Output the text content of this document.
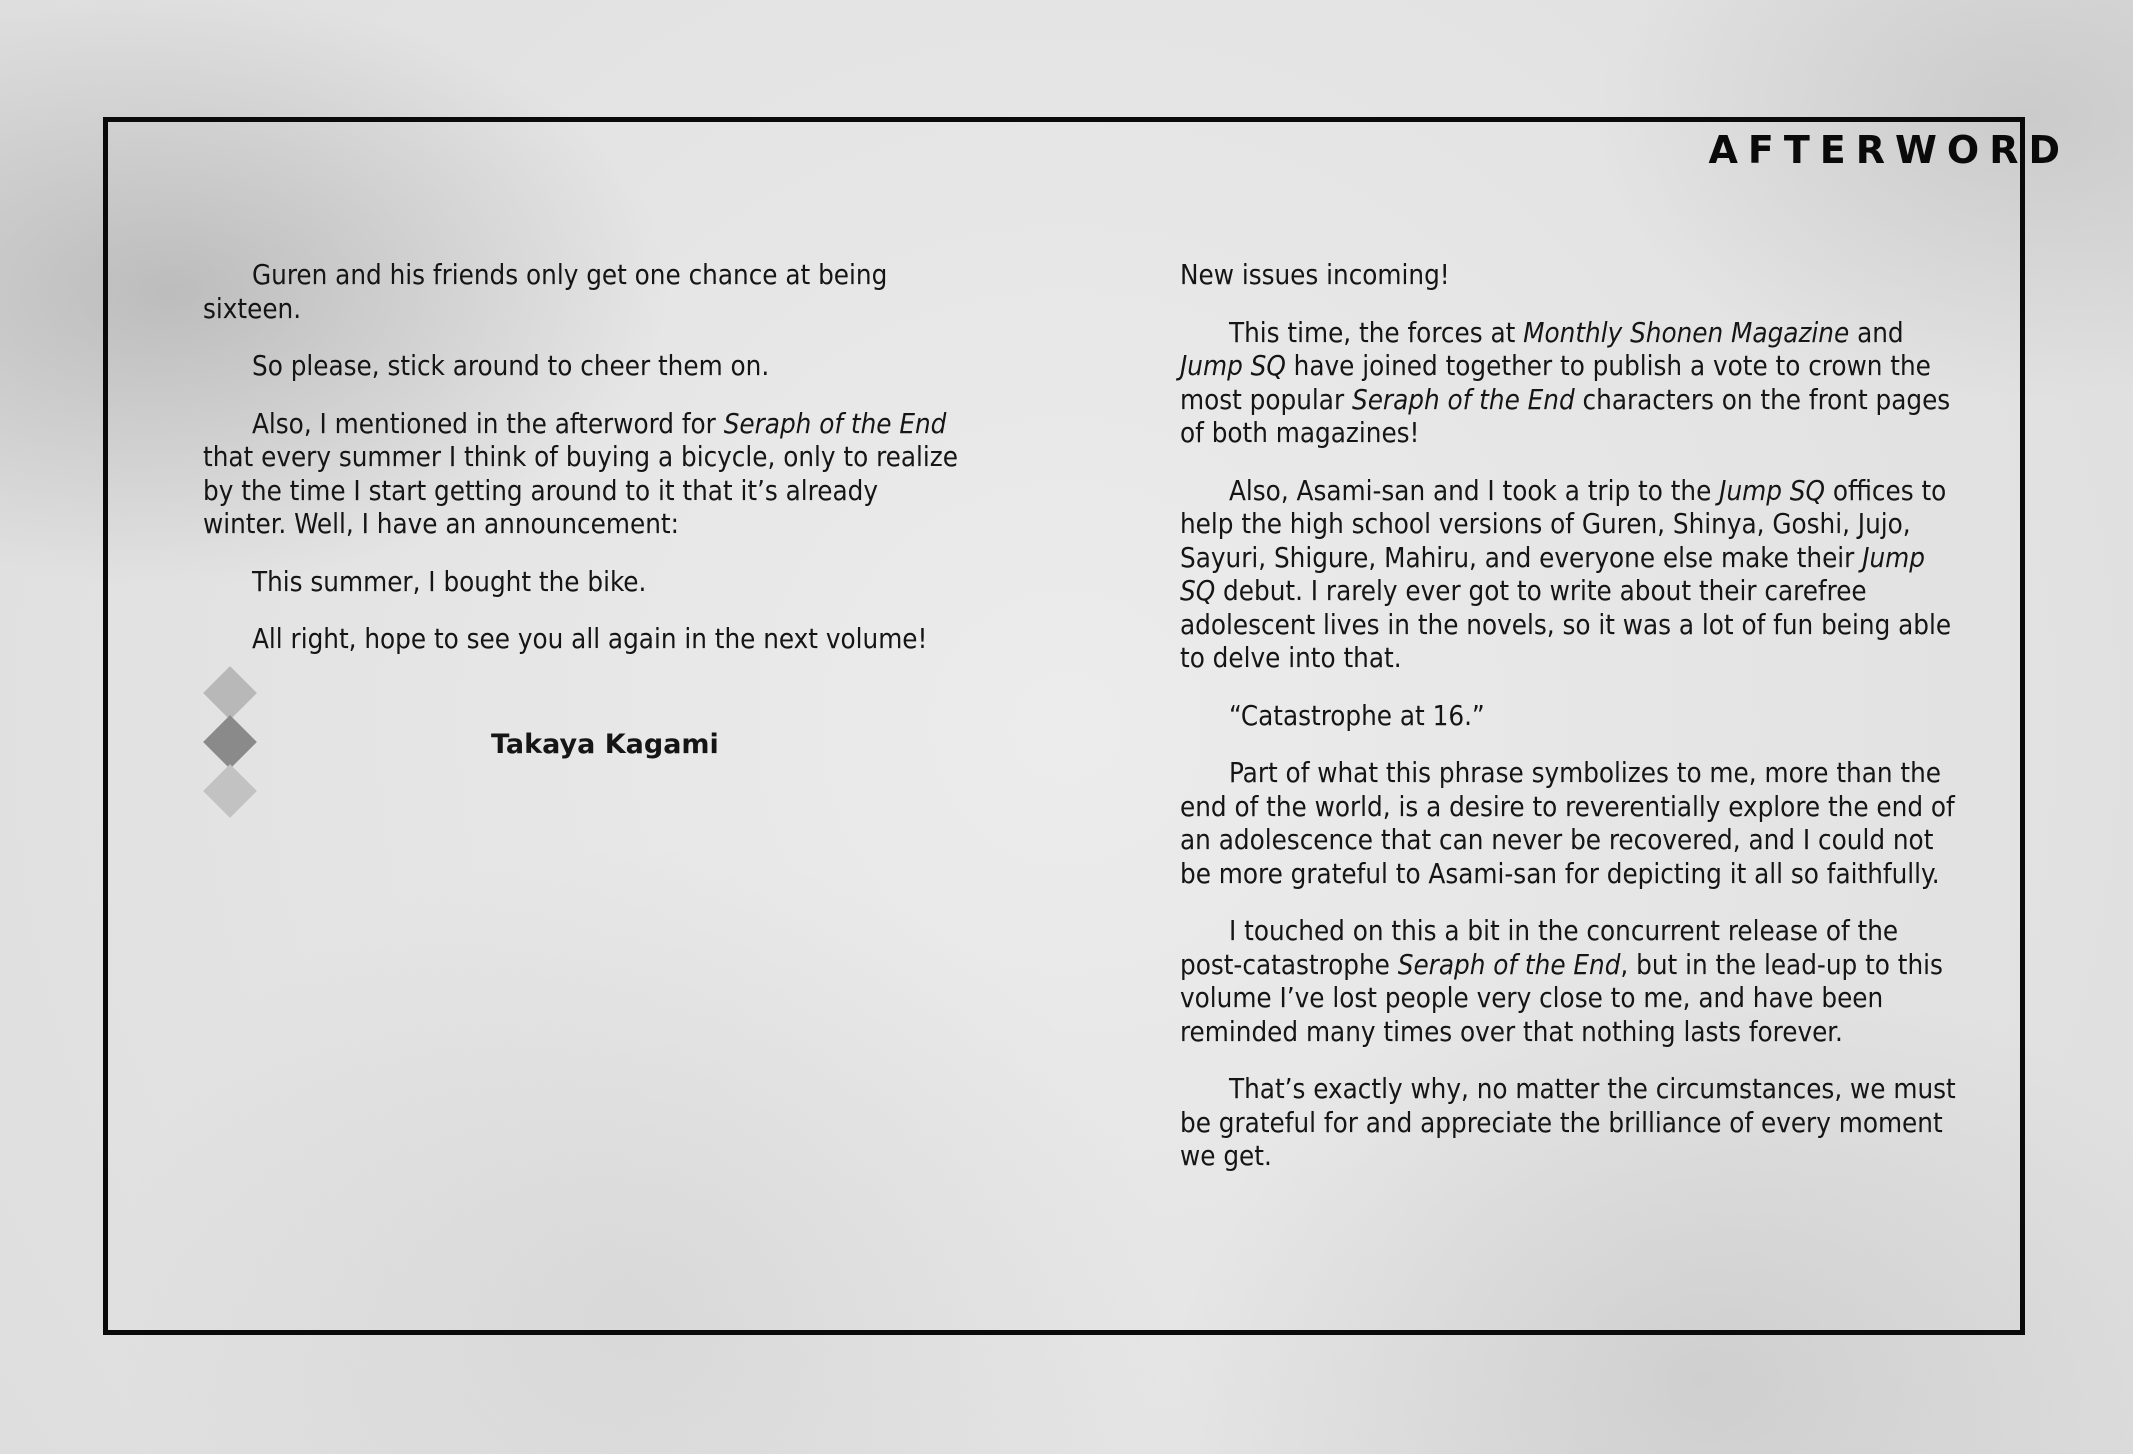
AFTERWORD

Guren and his friends only get one chance at being sixteen.

So please, stick around to cheer them on.

Also, I mentioned in the afterword for Seraph of the End that every summer I think of buying a bicycle, only to realize by the time I start getting around to it that it’s already winter. Well, I have an announcement:

This summer, I bought the bike.

All right, hope to see you all again in the next volume!

Takaya Kagami

New issues incoming!

This time, the forces at Monthly Shonen Magazine and Jump SQ have joined together to publish a vote to crown the most popular Seraph of the End characters on the front pages of both magazines!

Also, Asami-san and I took a trip to the Jump SQ offices to help the high school versions of Guren, Shinya, Goshi, Jujo, Sayuri, Shigure, Mahiru, and everyone else make their Jump SQ debut. I rarely ever got to write about their carefree adolescent lives in the novels, so it was a lot of fun being able to delve into that.

“Catastrophe at 16.”

Part of what this phrase symbolizes to me, more than the end of the world, is a desire to reverentially explore the end of an adolescence that can never be recovered, and I could not be more grateful to Asami-san for depicting it all so faithfully.

I touched on this a bit in the concurrent release of the post-catastrophe Seraph of the End, but in the lead-up to this volume I’ve lost people very close to me, and have been reminded many times over that nothing lasts forever.

That’s exactly why, no matter the circumstances, we must be grateful for and appreciate the brilliance of every moment we get.
